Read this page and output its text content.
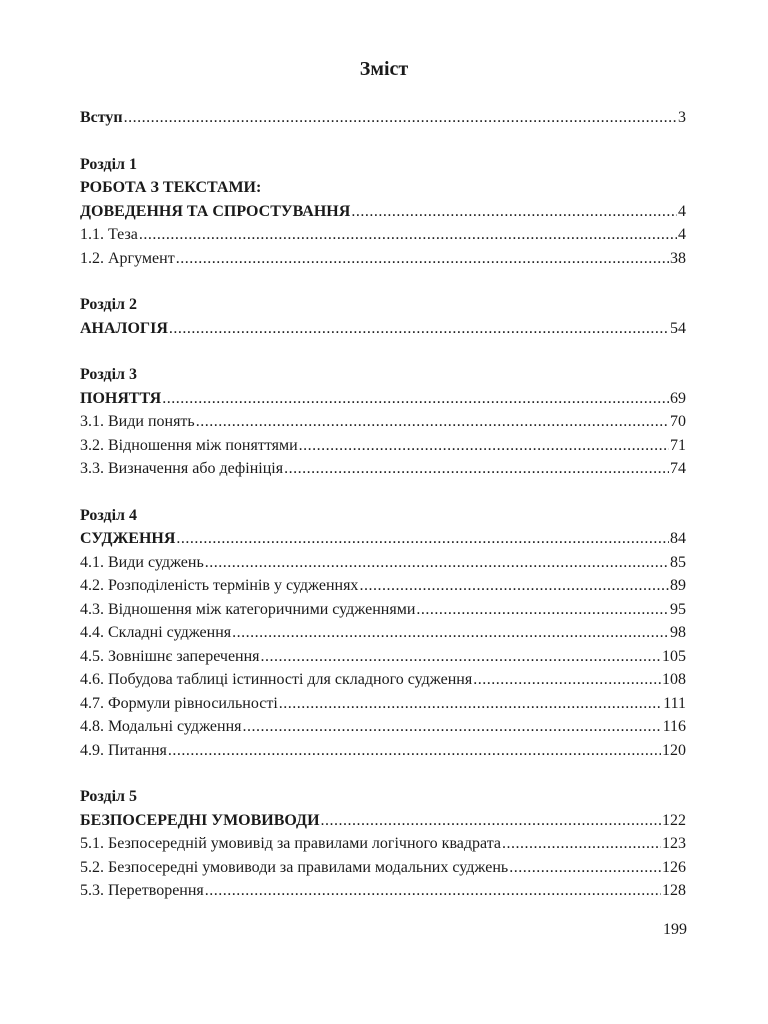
Зміст
Вступ .....	3
Розділ 1
РОБОТА З ТЕКСТАМИ:
ДОВЕДЕННЯ ТА СПРОСТУВАННЯ .....	4
1.1. Теза .....	4
1.2. Аргумент .....	38
Розділ 2
АНАЛОГІЯ .....	54
Розділ 3
ПОНЯТТЯ .....	69
3.1. Види понять .....	70
3.2. Відношення між поняттями .....	71
3.3. Визначення або дефініція .....	74
Розділ 4
СУДЖЕННЯ .....	84
4.1. Види суджень .....	85
4.2. Розподіленість термінів у судженнях .....	89
4.3. Відношення між категоричними судженнями .....	95
4.4. Складні судження .....	98
4.5. Зовнішнє заперечення .....	105
4.6. Побудова таблиці істинності для складного судження .....	108
4.7. Формули рівносильності .....	111
4.8. Модальні судження .....	116
4.9. Питання .....	120
Розділ 5
БЕЗПОСЕРЕДНІ УМОВИВОДИ .....	122
5.1. Безпосередній умовивід за правилами логічного квадрата .....	123
5.2. Безпосередні умовиводи за правилами модальних суджень .....	126
5.3. Перетворення .....	128
199
